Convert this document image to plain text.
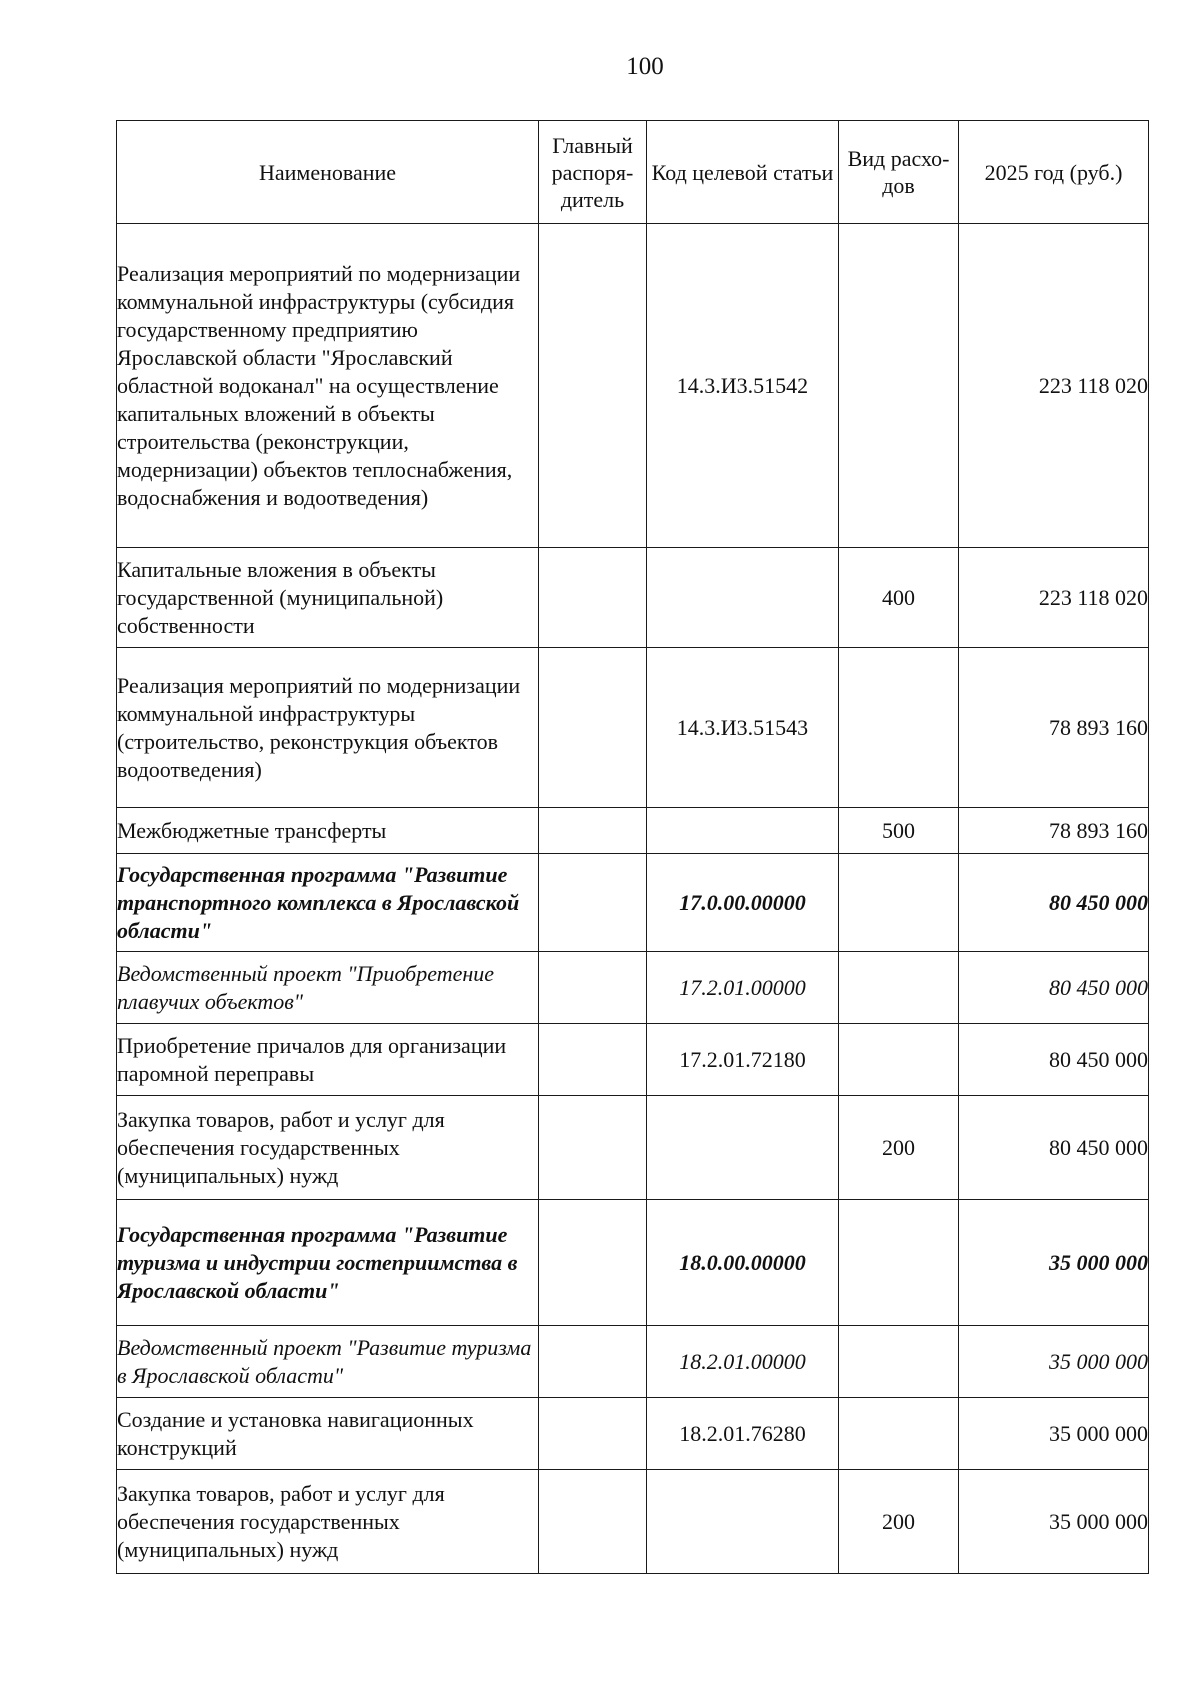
100
Наименование	Главный распоря-дитель	Код целевой статьи	Вид расхо-дов	2025 год (руб.)
Реализация мероприятий по модернизации коммунальной инфраструктуры (субсидия государственному предприятию Ярославской области "Ярославский областной водоканал" на осуществление капитальных вложений в объекты строительства (реконструкции, модернизации) объектов теплоснабжения, водоснабжения и водоотведения)		14.3.И3.51542		223 118 020
Капитальные вложения в объекты государственной (муниципальной) собственности			400	223 118 020
Реализация мероприятий по модернизации коммунальной инфраструктуры (строительство, реконструкция объектов водоотведения)		14.3.И3.51543		78 893 160
Межбюджетные трансферты			500	78 893 160
Государственная программа "Развитие транспортного комплекса в Ярославской области"		17.0.00.00000		80 450 000
Ведомственный проект "Приобретение плавучих объектов"		17.2.01.00000		80 450 000
Приобретение причалов для организации паромной переправы		17.2.01.72180		80 450 000
Закупка товаров, работ и услуг для обеспечения государственных (муниципальных) нужд			200	80 450 000
Государственная программа "Развитие туризма и индустрии гостеприимства в Ярославской области"		18.0.00.00000		35 000 000
Ведомственный проект "Развитие туризма в Ярославской области"		18.2.01.00000		35 000 000
Создание и установка навигационных конструкций		18.2.01.76280		35 000 000
Закупка товаров, работ и услуг для обеспечения государственных (муниципальных) нужд			200	35 000 000
